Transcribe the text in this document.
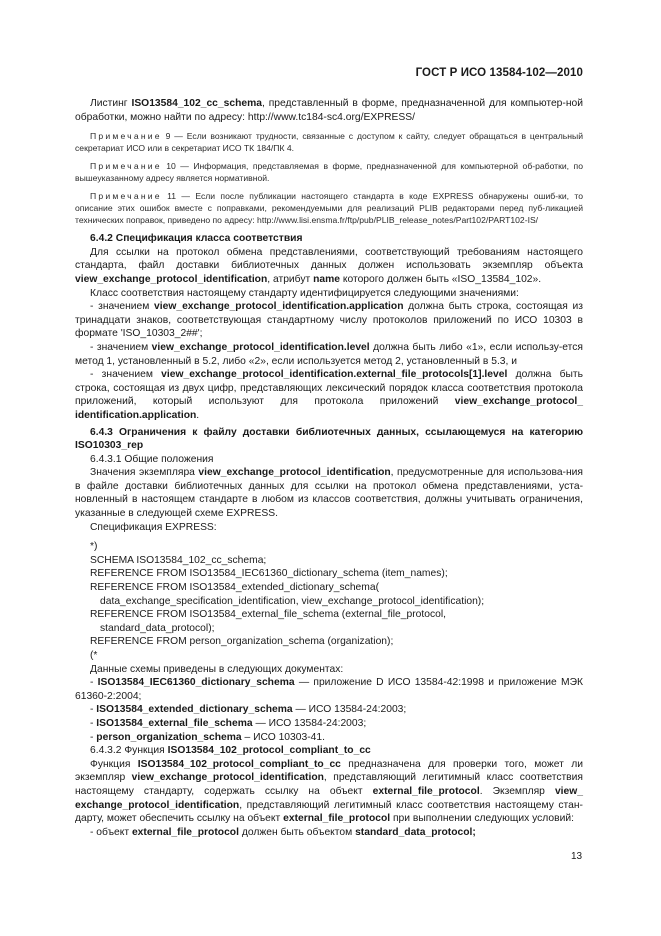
ГОСТ Р ИСО 13584-102—2010

Листинг ISO13584_102_cc_schema, представленный в форме, предназначенной для компьютер-ной обработки, можно найти по адресу: http://www.tc184-sc4.org/EXPRESS/

Примечание 9 — Если возникают трудности, связанные с доступом к сайту, следует обращаться в центральный секретариат ИСО или в секретариат ИСО ТК 184/ПК 4.

Примечание 10 — Информация, представляемая в форме, предназначенной для компьютерной об-работки, по вышеуказанному адресу является нормативной.

Примечание 11 — Если после публикации настоящего стандарта в коде EXPRESS обнаружены ошиб-ки, то описание этих ошибок вместе с поправками, рекомендуемыми для реализаций PLIB редакторами перед пуб-ликацией технических поправок, приведено по адресу: http://www.lisi.ensma.fr/ftp/pub/PLIB_release_notes/Part102/PART102-IS/

6.4.2 Спецификация класса соответствия

Для ссылки на протокол обмена представлениями, соответствующий требованиям настоящего стандарта, файл доставки библиотечных данных должен использовать экземпляр объекта view_exchange_protocol_identification, атрибут name которого должен быть «ISO_13584_102».

Класс соответствия настоящему стандарту идентифицируется следующими значениями:

- значением view_exchange_protocol_identification.application должна быть строка, состоящая из тринадцати знаков, соответствующая стандартному числу протоколов приложений по ИСО 10303 в формате 'ISO_10303_2##';

- значением view_exchange_protocol_identification.level должна быть либо «1», если использу-ется метод 1, установленный в 5.2, либо «2», если используется метод 2, установленный в 5.3, и

- значением view_exchange_protocol_identification.external_file_protocols[1].level должна быть строка, состоящая из двух цифр, представляющих лексический порядок класса соответствия протокола приложений, который используют для протокола приложений view_exchange_protocol_ identification.application.

6.4.3 Ограничения к файлу доставки библиотечных данных, ссылающемуся на категорию ISO10303_rep

6.4.3.1 Общие положения

Значения экземпляра view_exchange_protocol_identification, предусмотренные для использова-ния в файле доставки библиотечных данных для ссылки на протокол обмена представлениями, уста-новленный в настоящем стандарте в любом из классов соответствия, должны учитывать ограничения, указанные в следующей схеме EXPRESS.

Спецификация EXPRESS:

*)

SCHEMA ISO13584_102_cc_schema;

REFERENCE FROM ISO13584_IEC61360_dictionary_schema (item_names);

REFERENCE FROM ISO13584_extended_dictionary_schema(

data_exchange_specification_identification, view_exchange_protocol_identification);

REFERENCE FROM ISO13584_external_file_schema (external_file_protocol,

standard_data_protocol);

REFERENCE FROM person_organization_schema (organization);

(*

Данные схемы приведены в следующих документах:

- ISO13584_IEC61360_dictionary_schema — приложение D ИСО 13584-42:1998 и приложение МЭК 61360-2:2004;

- ISO13584_extended_dictionary_schema — ИСО 13584-24:2003;

- ISO13584_external_file_schema — ИСО 13584-24:2003;

- person_organization_schema – ИСО 10303-41.

6.4.3.2 Функция ISO13584_102_protocol_compliant_to_cc

Функция ISO13584_102_protocol_compliant_to_cc предназначена для проверки того, может ли экземпляр view_exchange_protocol_identification, представляющий легитимный класс соответствия настоящему стандарту, содержать ссылку на объект external_file_protocol. Экземпляр view_ exchange_protocol_identification, представляющий легитимный класс соответствия настоящему стан-дарту, может обеспечить ссылку на объект external_file_protocol при выполнении следующих условий:

- объект external_file_protocol должен быть объектом standard_data_protocol;

13
